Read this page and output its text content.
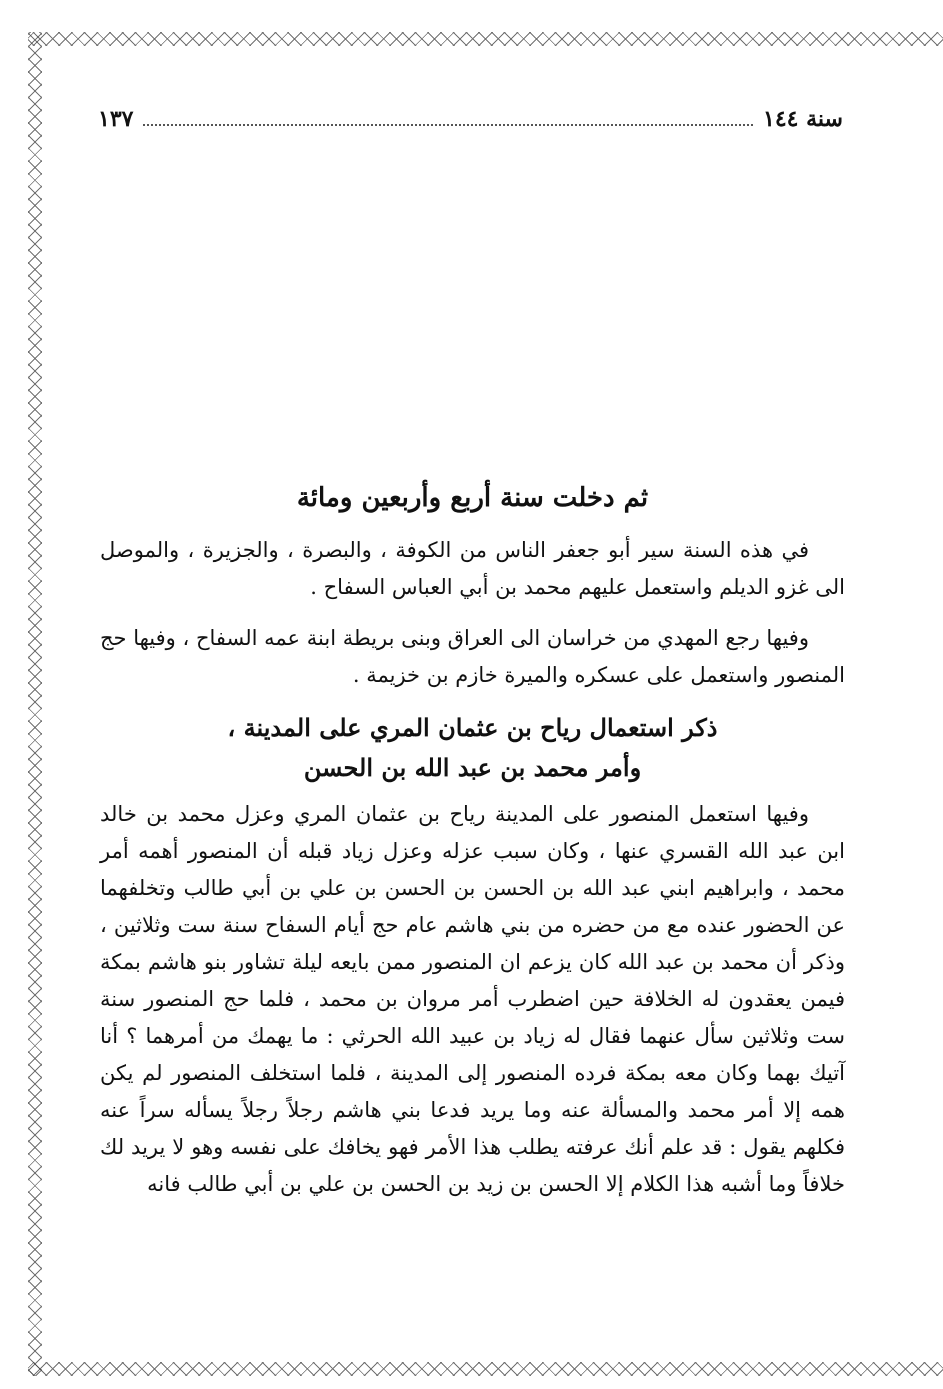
سنة ١٤٤
١٣٧
ثم دخلت سنة أربع وأربعين ومائة

في هذه السنة سير أبو جعفر الناس من الكوفة ، والبصرة ، والجزيرة ، والموصل الى غزو الديلم واستعمل عليهم محمد بن أبي العباس السفاح .

وفيها رجع المهدي من خراسان الى العراق وبنى بريطة ابنة عمه السفاح ، وفيها حج المنصور واستعمل على عسكره والميرة خازم بن خزيمة .

ذكر استعمال رياح بن عثمان المري على المدينة ،
وأمر محمد بن عبد الله بن الحسن

وفيها استعمل المنصور على المدينة رياح بن عثمان المري وعزل محمد بن خالد ابن عبد الله القسري عنها ، وكان سبب عزله وعزل زياد قبله أن المنصور أهمه أمر محمد ، وابراهيم ابني عبد الله بن الحسن بن الحسن بن علي بن أبي طالب وتخلفهما عن الحضور عنده مع من حضره من بني هاشم عام حج أيام السفاح سنة ست وثلاثين ، وذكر أن محمد بن عبد الله كان يزعم ان المنصور ممن بايعه ليلة تشاور بنو هاشم بمكة فيمن يعقدون له الخلافة حين اضطرب أمر مروان بن محمد ، فلما حج المنصور سنة ست وثلاثين سأل عنهما فقال له زياد بن عبيد الله الحرثي : ما يهمك من أمرهما ؟ أنا آتيك بهما وكان معه بمكة فرده المنصور إلى المدينة ، فلما استخلف المنصور لم يكن همه إلا أمر محمد والمسألة عنه وما يريد فدعا بني هاشم رجلاً رجلاً يسأله سراً عنه فكلهم يقول : قد علم أنك عرفته يطلب هذا الأمر فهو يخافك على نفسه وهو لا يريد لك خلافاً وما أشبه هذا الكلام إلا الحسن بن زيد بن الحسن بن علي بن أبي طالب فانه
